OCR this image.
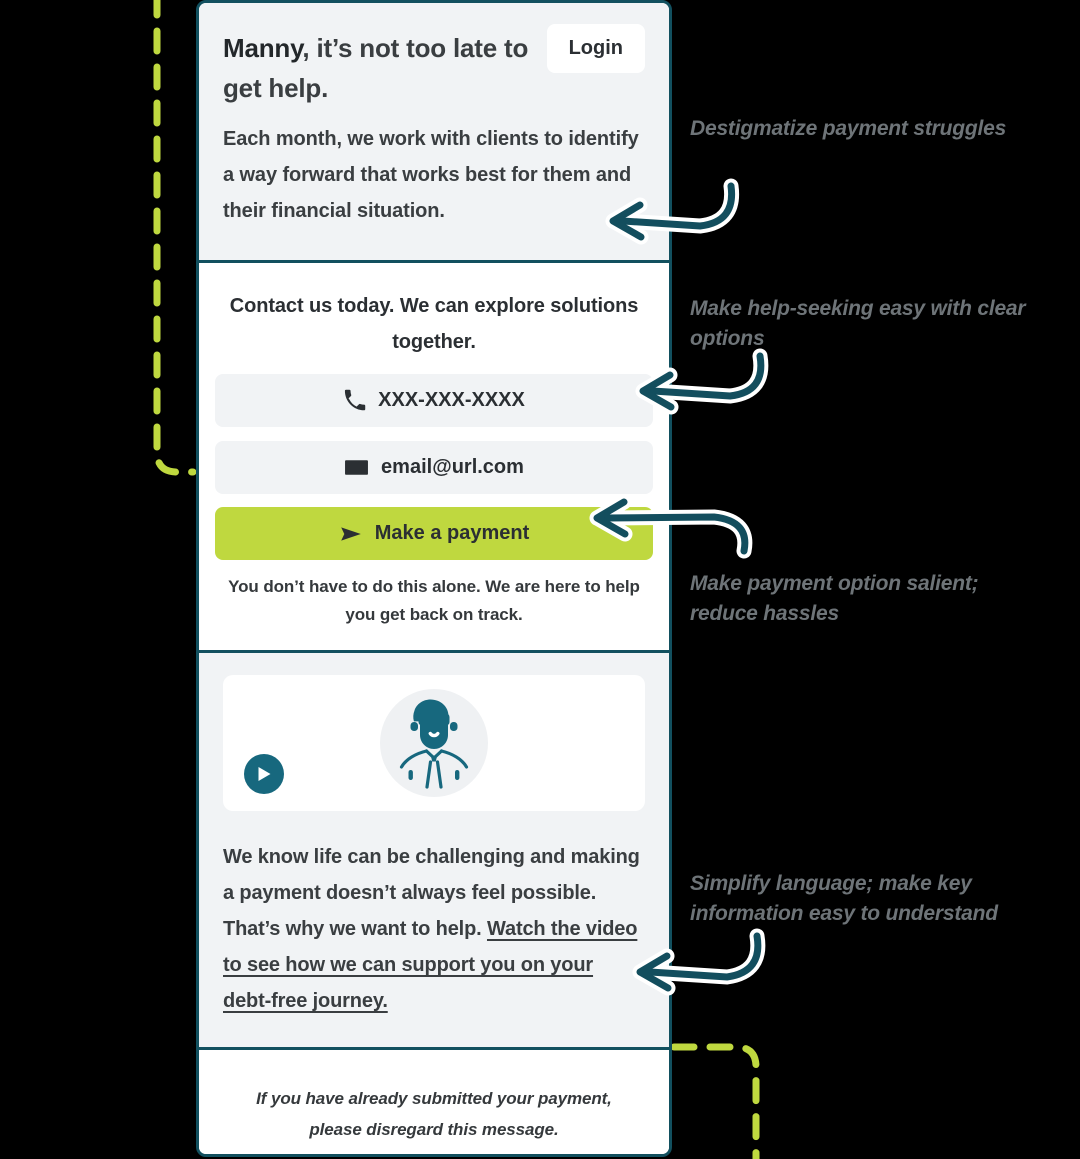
Login
Manny, it’s not too late to get help.
Each month, we work with clients to identify a way forward that works best for them and their financial situation.
Contact us today. We can explore solutions together.
XXX-XXX-XXXX
email@url.com
Make a payment
You don’t have to do this alone. We are here to help you get back on track.
We know life can be challenging and making a payment doesn’t always feel possible. That’s why we want to help. Watch the video to see how we can support you on your debt-free journey.
If you have already submitted your payment, please disregard this message.
Destigmatize payment struggles
Make help-seeking easy with clear options
Make payment option salient; reduce hassles
Simplify language; make key information easy to understand
